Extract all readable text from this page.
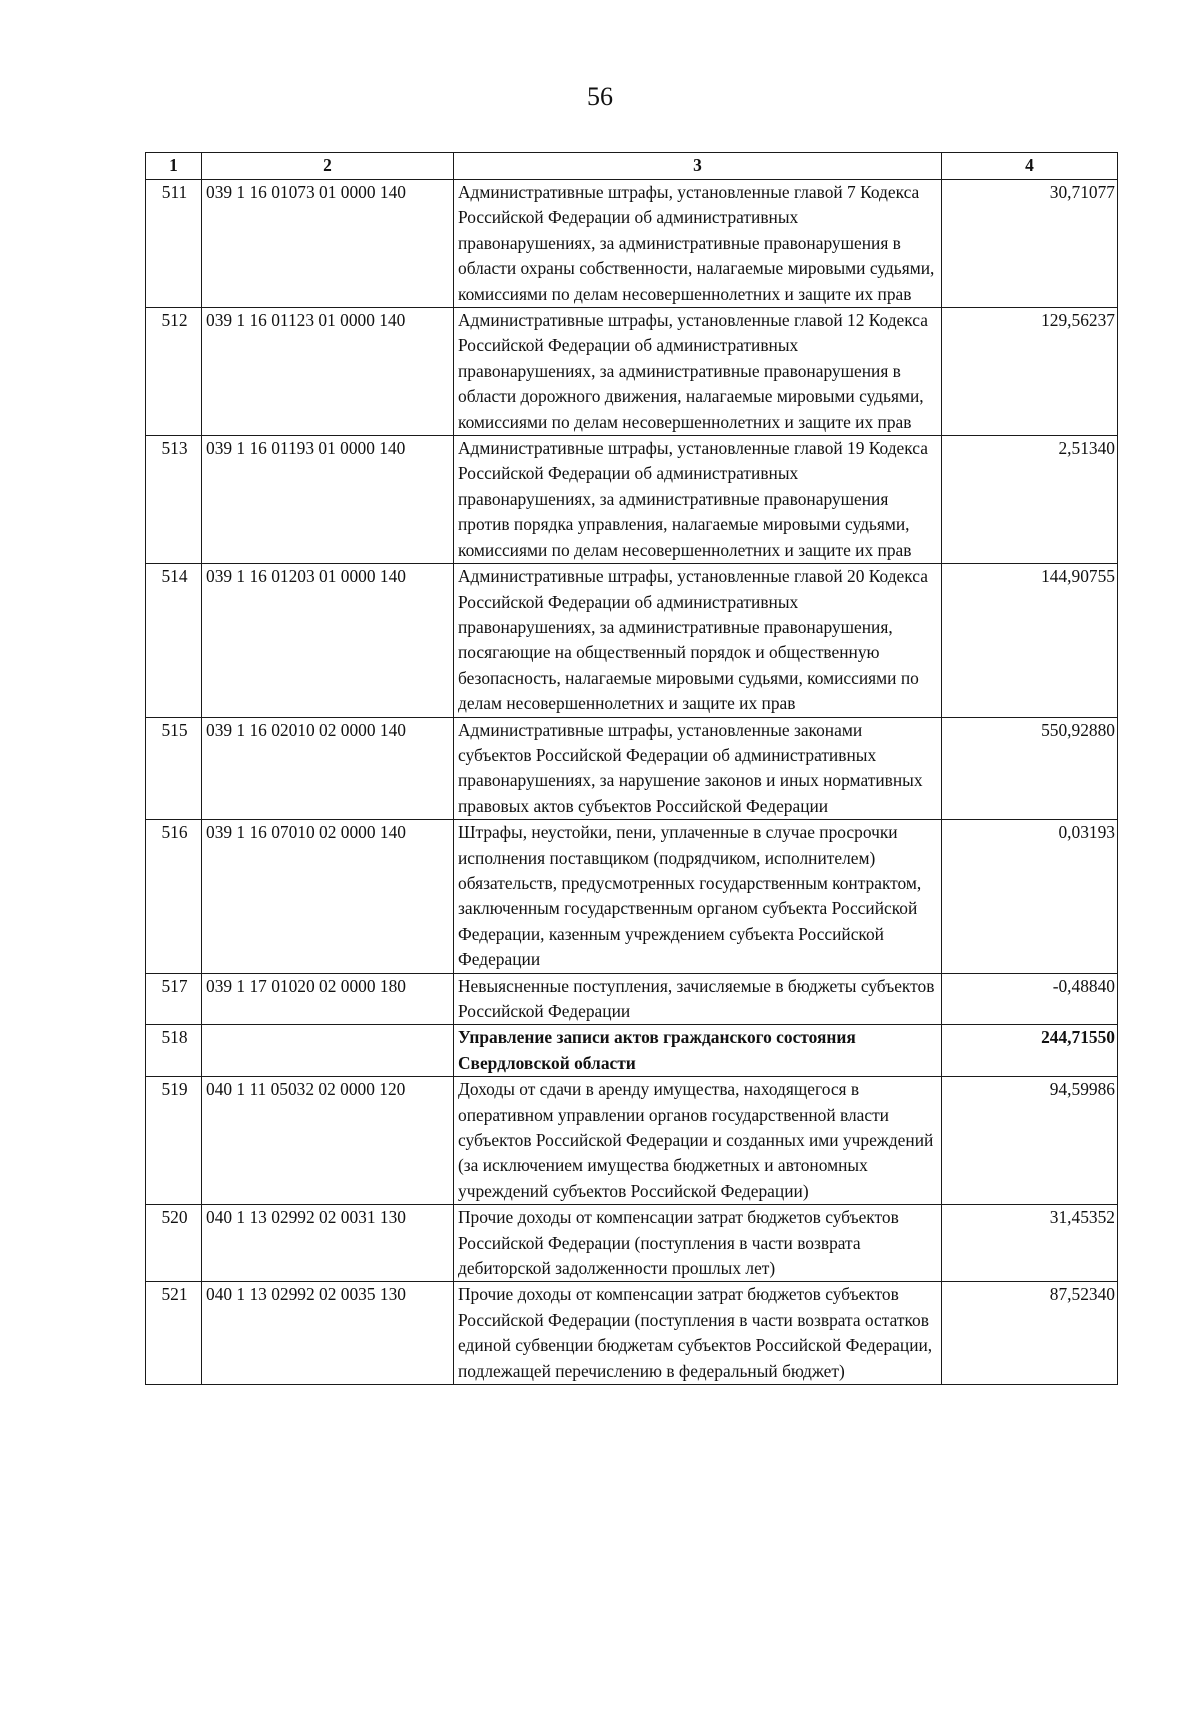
56
1	2	3	4
511	039 1 16 01073 01 0000 140	Административные штрафы, установленные главой 7 Кодекса Российской Федерации об административных правонарушениях, за административные правонарушения в области охраны собственности, налагаемые мировыми судьями, комиссиями по делам несовершеннолетних и защите их прав	30,71077
512	039 1 16 01123 01 0000 140	Административные штрафы, установленные главой 12 Кодекса Российской Федерации об административных правонарушениях, за административные правонарушения в области дорожного движения, налагаемые мировыми судьями, комиссиями по делам несовершеннолетних и защите их прав	129,56237
513	039 1 16 01193 01 0000 140	Административные штрафы, установленные главой 19 Кодекса Российской Федерации об административных правонарушениях, за административные правонарушения против порядка управления, налагаемые мировыми судьями, комиссиями по делам несовершеннолетних и защите их прав	2,51340
514	039 1 16 01203 01 0000 140	Административные штрафы, установленные главой 20 Кодекса Российской Федерации об административных правонарушениях, за административные правонарушения, посягающие на общественный порядок и общественную безопасность, налагаемые мировыми судьями, комиссиями по делам несовершеннолетних и защите их прав	144,90755
515	039 1 16 02010 02 0000 140	Административные штрафы, установленные законами субъектов Российской Федерации об административных правонарушениях, за нарушение законов и иных нормативных правовых актов субъектов Российской Федерации	550,92880
516	039 1 16 07010 02 0000 140	Штрафы, неустойки, пени, уплаченные в случае просрочки исполнения поставщиком (подрядчиком, исполнителем) обязательств, предусмотренных государственным контрактом, заключенным государственным органом субъекта Российской Федерации, казенным учреждением субъекта Российской Федерации	0,03193
517	039 1 17 01020 02 0000 180	Невыясненные поступления, зачисляемые в бюджеты субъектов Российской Федерации	-0,48840
518		Управление записи актов гражданского состояния Свердловской области	244,71550
519	040 1 11 05032 02 0000 120	Доходы от сдачи в аренду имущества, находящегося в оперативном управлении органов государственной власти субъектов Российской Федерации и созданных ими учреждений (за исключением имущества бюджетных и автономных учреждений субъектов Российской Федерации)	94,59986
520	040 1 13 02992 02 0031 130	Прочие доходы от компенсации затрат бюджетов субъектов Российской Федерации (поступления в части возврата дебиторской задолженности прошлых лет)	31,45352
521	040 1 13 02992 02 0035 130	Прочие доходы от компенсации затрат бюджетов субъектов Российской Федерации (поступления в части возврата остатков единой субвенции бюджетам субъектов Российской Федерации, подлежащей перечислению в федеральный бюджет)	87,52340
